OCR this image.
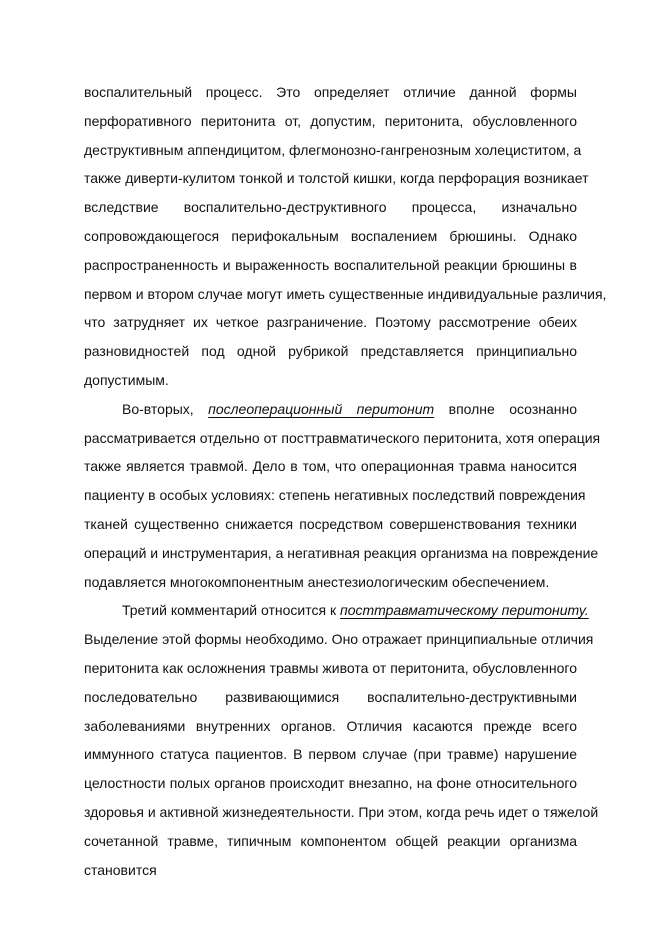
воспалительный процесс. Это определяет отличие данной формы
перфоративного перитонита от, допустим, перитонита, обусловленного
деструктивным аппендицитом, флегмонозно-гангренозным холециститом, а
также диверти-кулитом тонкой и толстой кишки, когда перфорация возникает
вследствие воспалительно-деструктивного процесса, изначально
сопровождающегося перифокальным воспалением брюшины. Однако
распространенность и выраженность воспалительной реакции брюшины в
первом и втором случае могут иметь существенные индивидуальные различия,
что затрудняет их четкое разграничение. Поэтому рассмотрение обеих
разновидностей под одной рубрикой представляется принципиально
допустимым.
Во-вторых, послеоперационный перитонит вполне осознанно
рассматривается отдельно от посттравматического перитонита, хотя операция
также является травмой. Дело в том, что операционная травма наносится
пациенту в особых условиях: степень негативных последствий повреждения
тканей существенно снижается посредством совершенствования техники
операций и инструментария, а негативная реакция организма на повреждение
подавляется многокомпонентным анестезиологическим обеспечением.
Третий комментарий относится к посттравматическому перитониту.
Выделение этой формы необходимо. Оно отражает принципиальные отличия
перитонита как осложнения травмы живота от перитонита, обусловленного
последовательно развивающимися воспалительно-деструктивными
заболеваниями внутренних органов. Отличия касаются прежде всего
иммунного статуса пациентов. В первом случае (при травме) нарушение
целостности полых органов происходит внезапно, на фоне относительного
здоровья и активной жизнедеятельности. При этом, когда речь идет о тяжелой
сочетанной травме, типичным компонентом общей реакции организма
становится
